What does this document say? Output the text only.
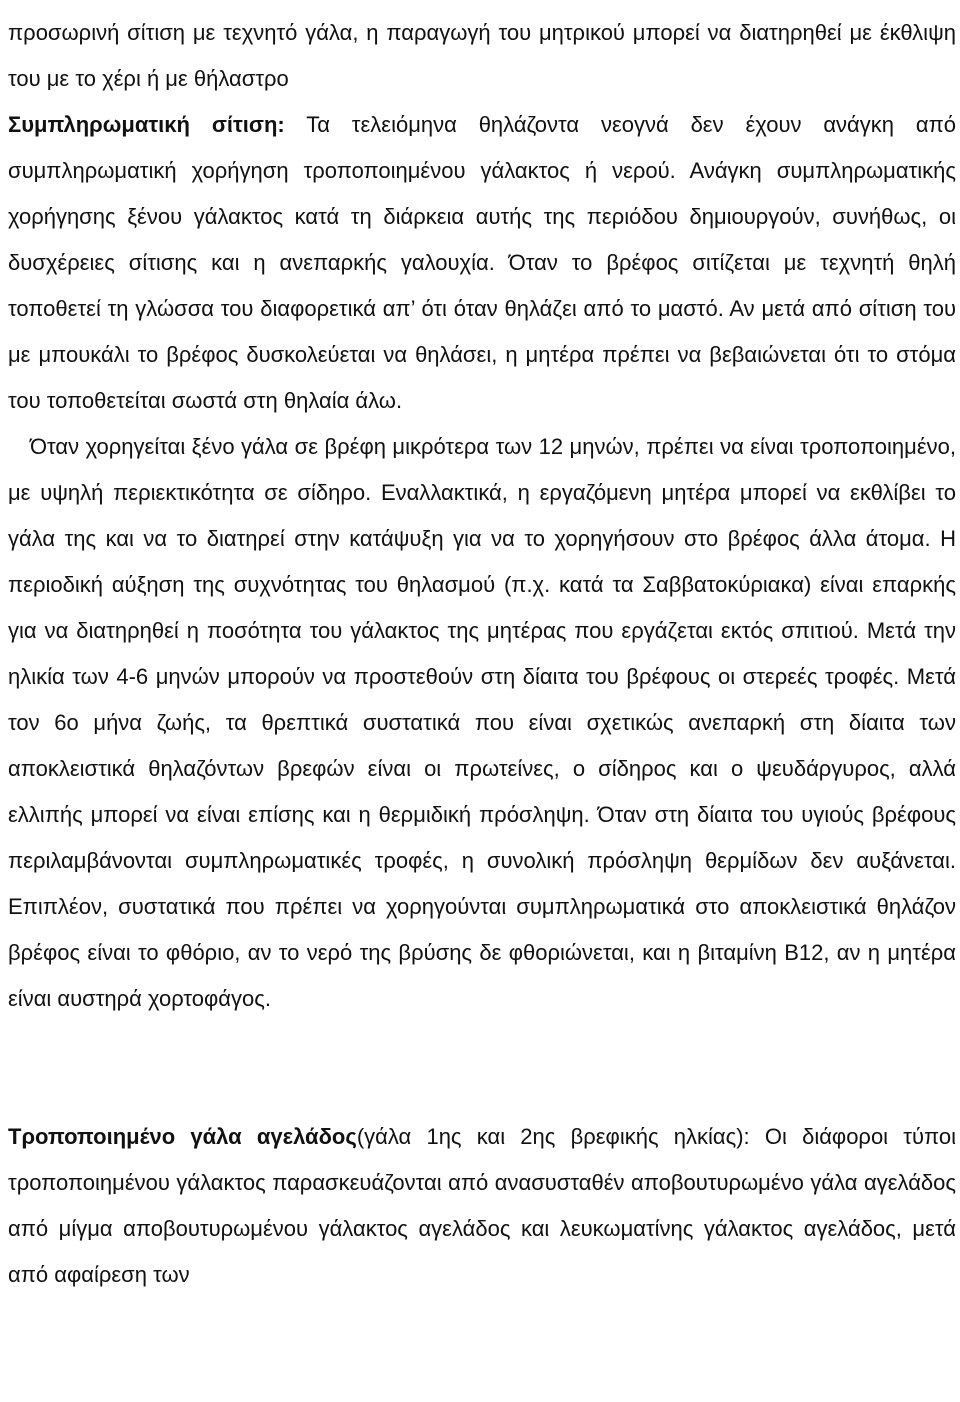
προσωρινή σίτιση με τεχνητό γάλα, η παραγωγή του μητρικού μπορεί να διατηρηθεί με έκθλιψη του με το χέρι ή με θήλαστρο

Συμπληρωματική σίτιση: Τα τελειόμηνα θηλάζοντα νεογνά δεν έχουν ανάγκη από συμπληρωματική χορήγηση τροποποιημένου γάλακτος ή νερού. Ανάγκη συμπληρωματικής χορήγησης ξένου γάλακτος κατά τη διάρκεια αυτής της περιόδου δημιουργούν, συνήθως, οι δυσχέρειες σίτισης και η ανεπαρκής γαλουχία. Όταν το βρέφος σιτίζεται με τεχνητή θηλή τοποθετεί τη γλώσσα του διαφορετικά απ’ ότι όταν θηλάζει από το μαστό. Αν μετά από σίτιση του με μπουκάλι το βρέφος δυσκολεύεται να θηλάσει, η μητέρα πρέπει να βεβαιώνεται ότι το στόμα του τοποθετείται σωστά στη θηλαία άλω.

Όταν χορηγείται ξένο γάλα σε βρέφη μικρότερα των 12 μηνών, πρέπει να είναι τροποποιημένο, με υψηλή περιεκτικότητα σε σίδηρο. Εναλλακτικά, η εργαζόμενη μητέρα μπορεί να εκθλίβει το γάλα της και να το διατηρεί στην κατάψυξη για να το χορηγήσουν στο βρέφος άλλα άτομα. Η περιοδική αύξηση της συχνότητας του θηλασμού (π.χ. κατά τα Σαββατοκύριακα) είναι επαρκής για να διατηρηθεί η ποσότητα του γάλακτος της μητέρας που εργάζεται εκτός σπιτιού. Μετά την ηλικία των 4-6 μηνών μπορούν να προστεθούν στη δίαιτα του βρέφους οι στερεές τροφές. Μετά τον 6ο μήνα ζωής, τα θρεπτικά συστατικά που είναι σχετικώς ανεπαρκή στη δίαιτα των αποκλειστικά θηλαζόντων βρεφών είναι οι πρωτείνες, ο σίδηρος και ο ψευδάργυρος, αλλά ελλιπής μπορεί να είναι επίσης και η θερμιδική πρόσληψη. Όταν στη δίαιτα του υγιούς βρέφους περιλαμβάνονται συμπληρωματικές τροφές, η συνολική πρόσληψη θερμίδων δεν αυξάνεται. Επιπλέον, συστατικά που πρέπει να χορηγούνται συμπληρωματικά στο αποκλειστικά θηλάζον βρέφος είναι το φθόριο, αν το νερό της βρύσης δε φθοριώνεται, και η βιταμίνη Β12, αν η μητέρα είναι αυστηρά χορτοφάγος.

Τροποποιημένο γάλα αγελάδος(γάλα 1ης και 2ης βρεφικής ηλκίας): Οι διάφοροι τύποι τροποποιημένου γάλακτος παρασκευάζονται από ανασυσταθέν αποβουτυρωμένο γάλα αγελάδος από μίγμα αποβουτυρωμένου γάλακτος αγελάδος και λευκωματίνης γάλακτος αγελάδος, μετά από αφαίρεση των
